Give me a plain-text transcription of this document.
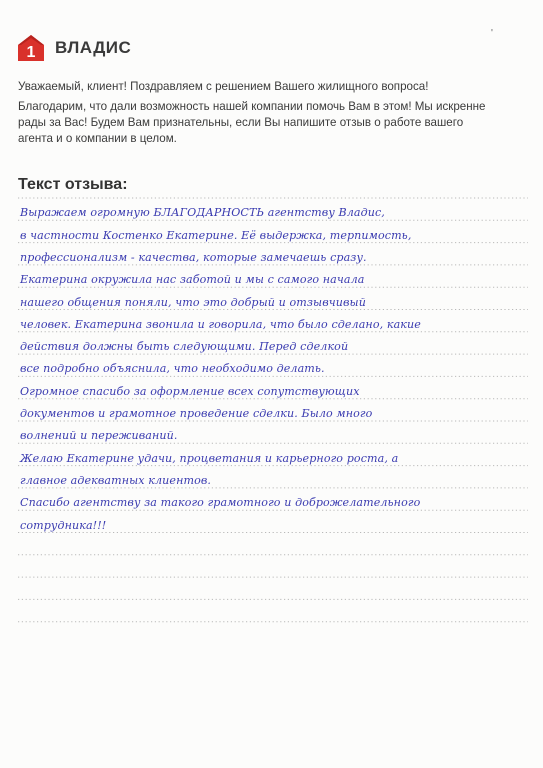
1 ВЛАДИС
'
Уважаемый, клиент! Поздравляем с решением Вашего жилищного вопроса!
Благодарим, что дали возможность нашей компании помочь Вам в этом! Мы искренне рады за Вас! Будем Вам признательны, если Вы напишите отзыв о работе вашего агента и о компании в целом.
Текст отзыва:
Выражаем огромную БЛАГОДАРНОСТЬ агентству Владис,
в частности Костенко Екатерине. Её выдержка, терпимость,
профессионализм - качества, которые замечаешь сразу.
Екатерина окружила нас заботой и мы с самого начала
нашего общения поняли, что это добрый и отзывчивый
человек. Екатерина звонила и говорила, что было сделано, какие
действия должны быть следующими. Перед сделкой
все подробно объяснила, что необходимо делать.
Огромное спасибо за оформление всех сопутствующих
документов и грамотное проведение сделки. Было много
волнений и переживаний.
Желаю Екатерине удачи, процветания и карьерного роста, а
главное адекватных клиентов.
Спасибо агентству за такого грамотного и доброжелательного
сотрудника!!!
